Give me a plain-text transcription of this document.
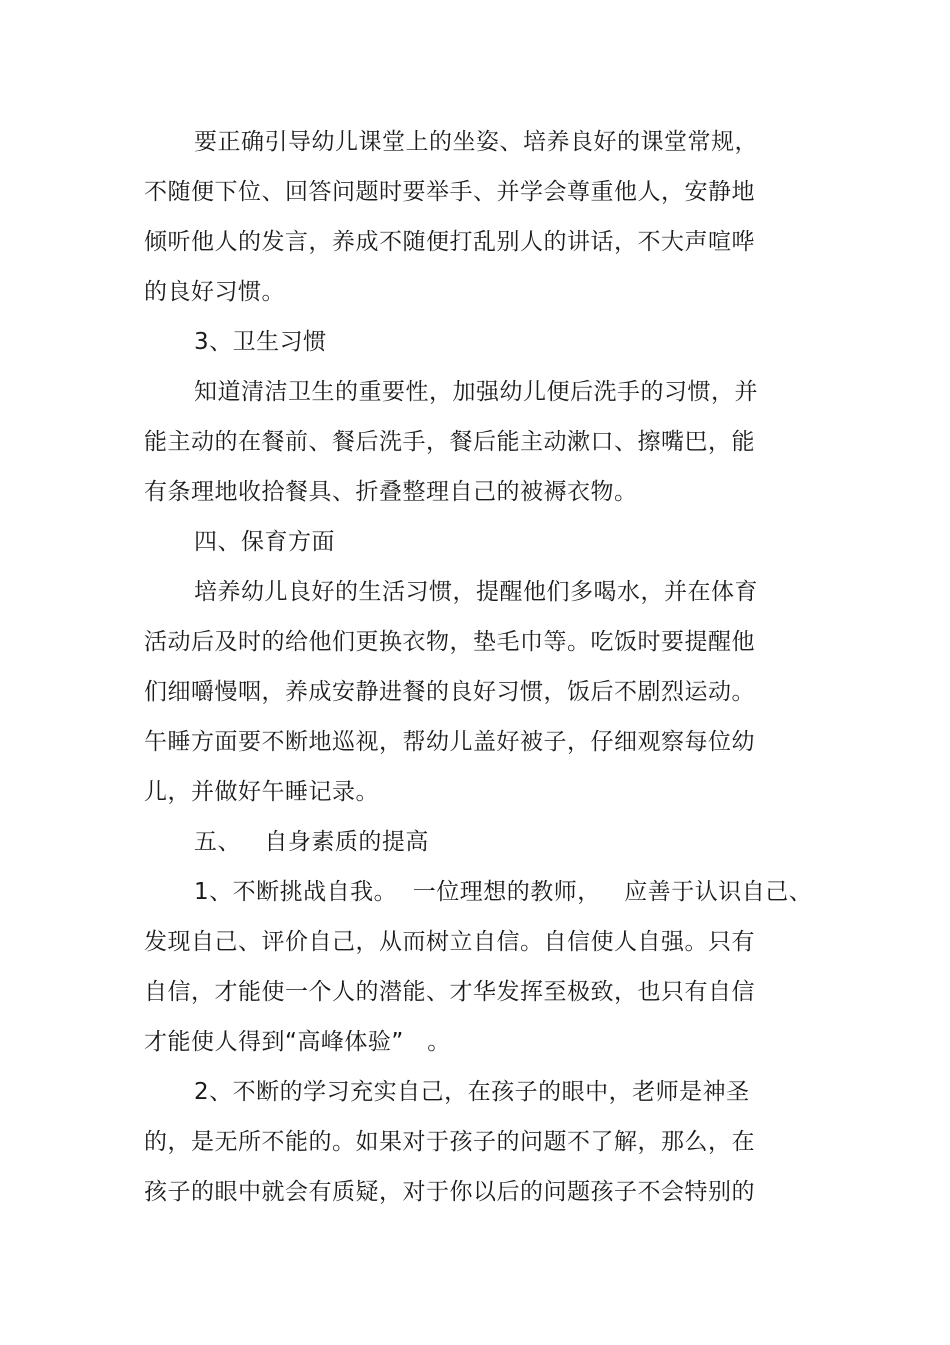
要正确引导幼儿课堂上的坐姿、培养良好的课堂常规，
不随便下位、回答问题时要举手、并学会尊重他人，安静地
倾听他人的发言，养成不随便打乱别人的讲话，不大声喧哗
的良好习惯。
3、卫生习惯
知道清洁卫生的重要性，加强幼儿便后洗手的习惯，并
能主动的在餐前、餐后洗手，餐后能主动漱口、擦嘴巴，能
有条理地收拾餐具、折叠整理自己的被褥衣物。
四、保育方面
培养幼儿良好的生活习惯，提醒他们多喝水，并在体育
活动后及时的给他们更换衣物，垫毛巾等。吃饭时要提醒他
们细嚼慢咽，养成安静进餐的良好习惯，饭后不剧烈运动。
午睡方面要不断地巡视，帮幼儿盖好被子，仔细观察每位幼
儿，并做好午睡记录。
五、   自身素质的提高
1、不断挑战自我。  一位理想的教师，   应善于认识自己、
发现自己、评价自己，从而树立自信。自信使人自强。只有
自信，才能使一个人的潜能、才华发挥至极致，也只有自信
才能使人得到“高峰体验”   。
2、不断的学习充实自己，在孩子的眼中，老师是神圣
的，是无所不能的。如果对于孩子的问题不了解，那么，在
孩子的眼中就会有质疑，对于你以后的问题孩子不会特别的
